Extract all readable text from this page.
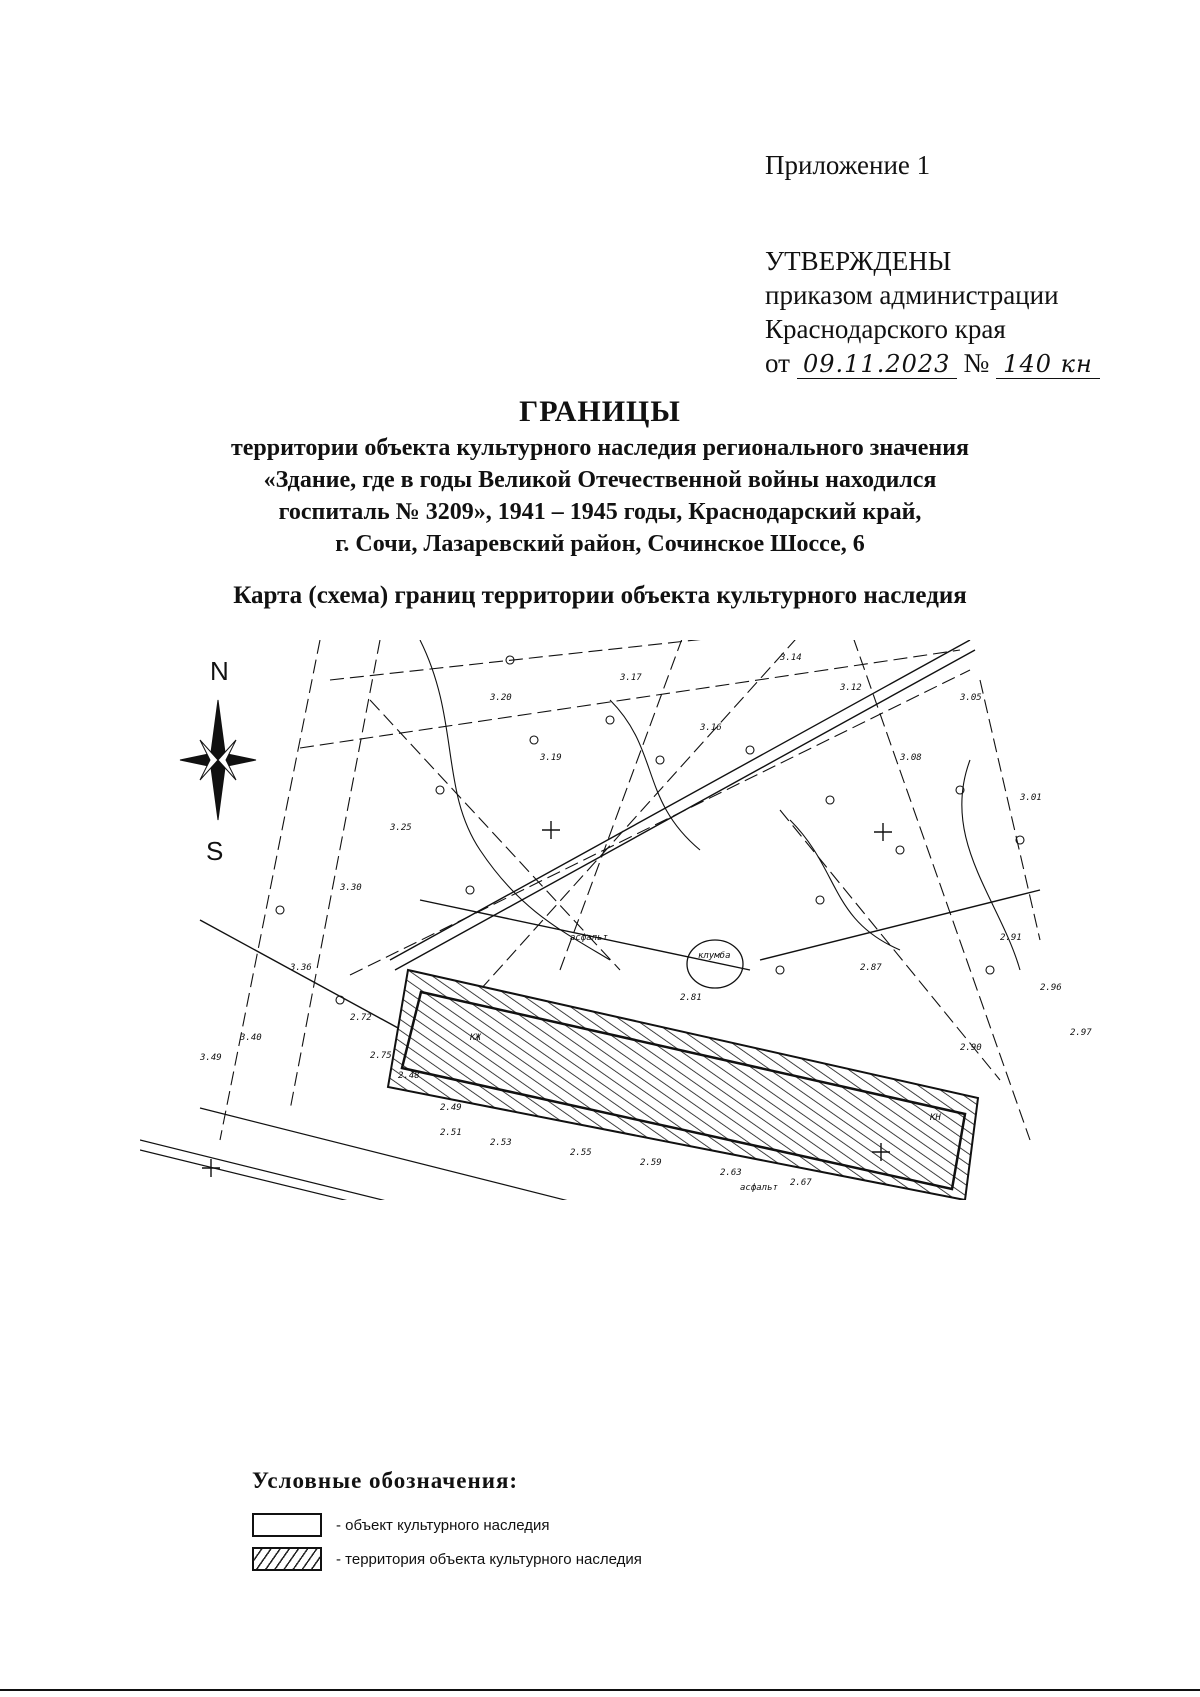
Приложение 1
УТВЕРЖДЕНЫ
приказом администрации
Краснодарского края
от 09.11.2023 № 140 кн
ГРАНИЦЫ
территории объекта культурного наследия регионального значения
«Здание, где в годы Великой Отечественной войны находился
госпиталь № 3209», 1941 – 1945 годы, Краснодарский край,
г. Сочи, Лазаревский район, Сочинское Шоссе, 6
Карта (схема) границ территории объекта культурного наследия
N
S
2.49
2.51
2.48
2.53
2.55
2.59
2.63
2.67
2.72
2.75
2.81
2.87
2.90
2.91
2.96
2.97
3.01
3.05
3.08
3.12
3.14
3.16
3.17
3.19
3.20
3.25
3.30
3.36
3.40
3.49
клумба
асфальт
асфальт
КЖ
КН
Условные обозначения:
- объект культурного наследия
- территория объекта культурного наследия
